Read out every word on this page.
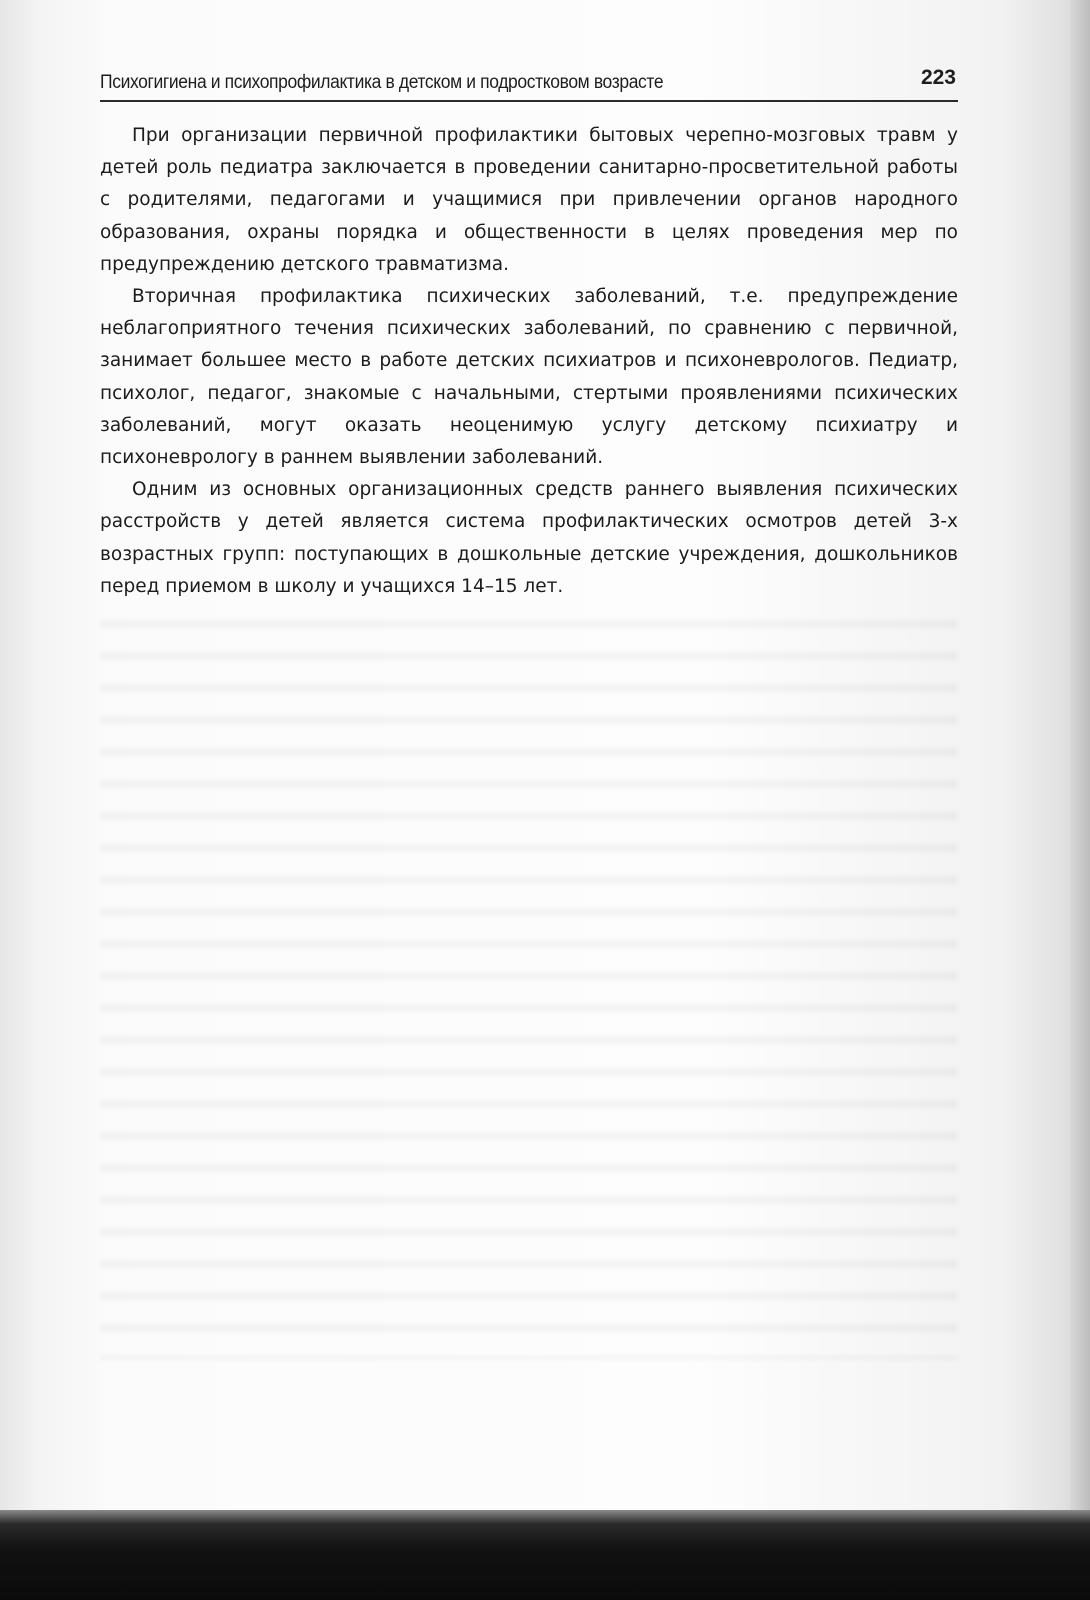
Психогигиена и психопрофилактика в детском и подростковом возрасте	223

При организации первичной профилактики бытовых черепно-мозговых травм у детей роль педиатра заключается в проведении санитарно-просветительной работы с родителями, педагогами и учащимися при привлечении органов народного образования, охраны порядка и общественности в целях проведения мер по предупреждению детского травматизма.

Вторичная профилактика психических заболеваний, т.е. предупреждение неблагоприятного течения психических заболеваний, по сравнению с первичной, занимает большее место в работе детских психиатров и психоневрологов. Педиатр, психолог, педагог, знакомые с начальными, стертыми проявлениями психических заболеваний, могут оказать неоценимую услугу детскому психиатру и психоневрологу в раннем выявлении заболеваний.

Одним из основных организационных средств раннего выявления психических расстройств у детей является система профилактических осмотров детей 3-х возрастных групп: поступающих в дошкольные детские учреждения, дошкольников перед приемом в школу и учащихся 14–15 лет.
